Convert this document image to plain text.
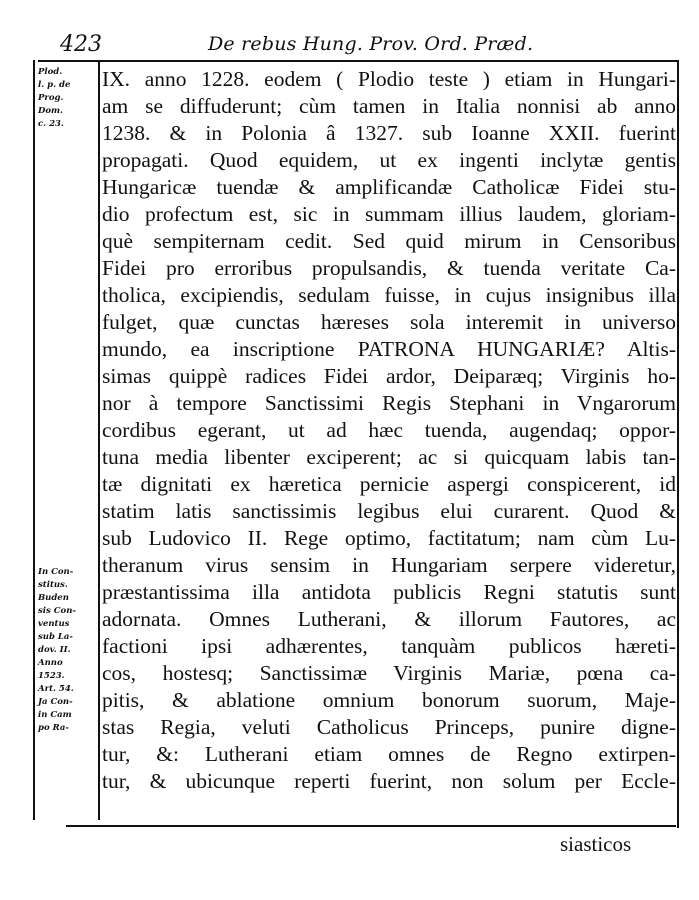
423	De rebus Hung. Prov. Ord. Præd.
Plod.
l. p. de
Prog.
Dom.
c. 23.
In Con-
stitus.
Buden
sis Con-
ventus
sub La-
dov. II.
Anno
1523.
Art. 54.
Ja Con-
in Cam
po Ra-
IX. anno 1228. eodem ( Plodio teste ) etiam in Hungari-
am se diffuderunt; cùm tamen in Italia nonnisi ab anno
1238. & in Polonia â 1327. sub Ioanne XXII. fuerint
propagati. Quod equidem, ut ex ingenti inclytæ gentis
Hungaricæ tuendæ & amplificandæ Catholicæ Fidei stu-
dio profectum est, sic in summam illius laudem, gloriam-
què sempiternam cedit. Sed quid mirum in Censoribus
Fidei pro erroribus propulsandis, & tuenda veritate Ca-
tholica, excipiendis, sedulam fuisse, in cujus insignibus illa
fulget, quæ cunctas hæreses sola interemit in universo
mundo, ea inscriptione PATRONA HUNGARIÆ? Altis-
simas quippè radices Fidei ardor, Deiparæq; Virginis ho-
nor à tempore Sanctissimi Regis Stephani in Vngarorum
cordibus egerant, ut ad hæc tuenda, augendaq; oppor-
tuna media libenter exciperent; ac si quicquam labis tan-
tæ dignitati ex hæretica pernicie aspergi conspicerent, id
statim latis sanctissimis legibus elui curarent. Quod &
sub Ludovico II. Rege optimo, factitatum; nam cùm Lu-
theranum virus sensim in Hungariam serpere videretur,
præstantissima illa antidota publicis Regni statutis sunt
adornata. Omnes Lutherani, & illorum Fautores, ac
factioni ipsi adhærentes, tanquàm publicos hæreti-
cos, hostesq; Sanctissimæ Virginis Mariæ, pœna ca-
pitis, & ablatione omnium bonorum suorum, Maje-
stas Regia, veluti Catholicus Princeps, punire digne-
tur, &: Lutherani etiam omnes de Regno extirpen-
tur, & ubicunque reperti fuerint, non solum per Eccle-
siasticos
